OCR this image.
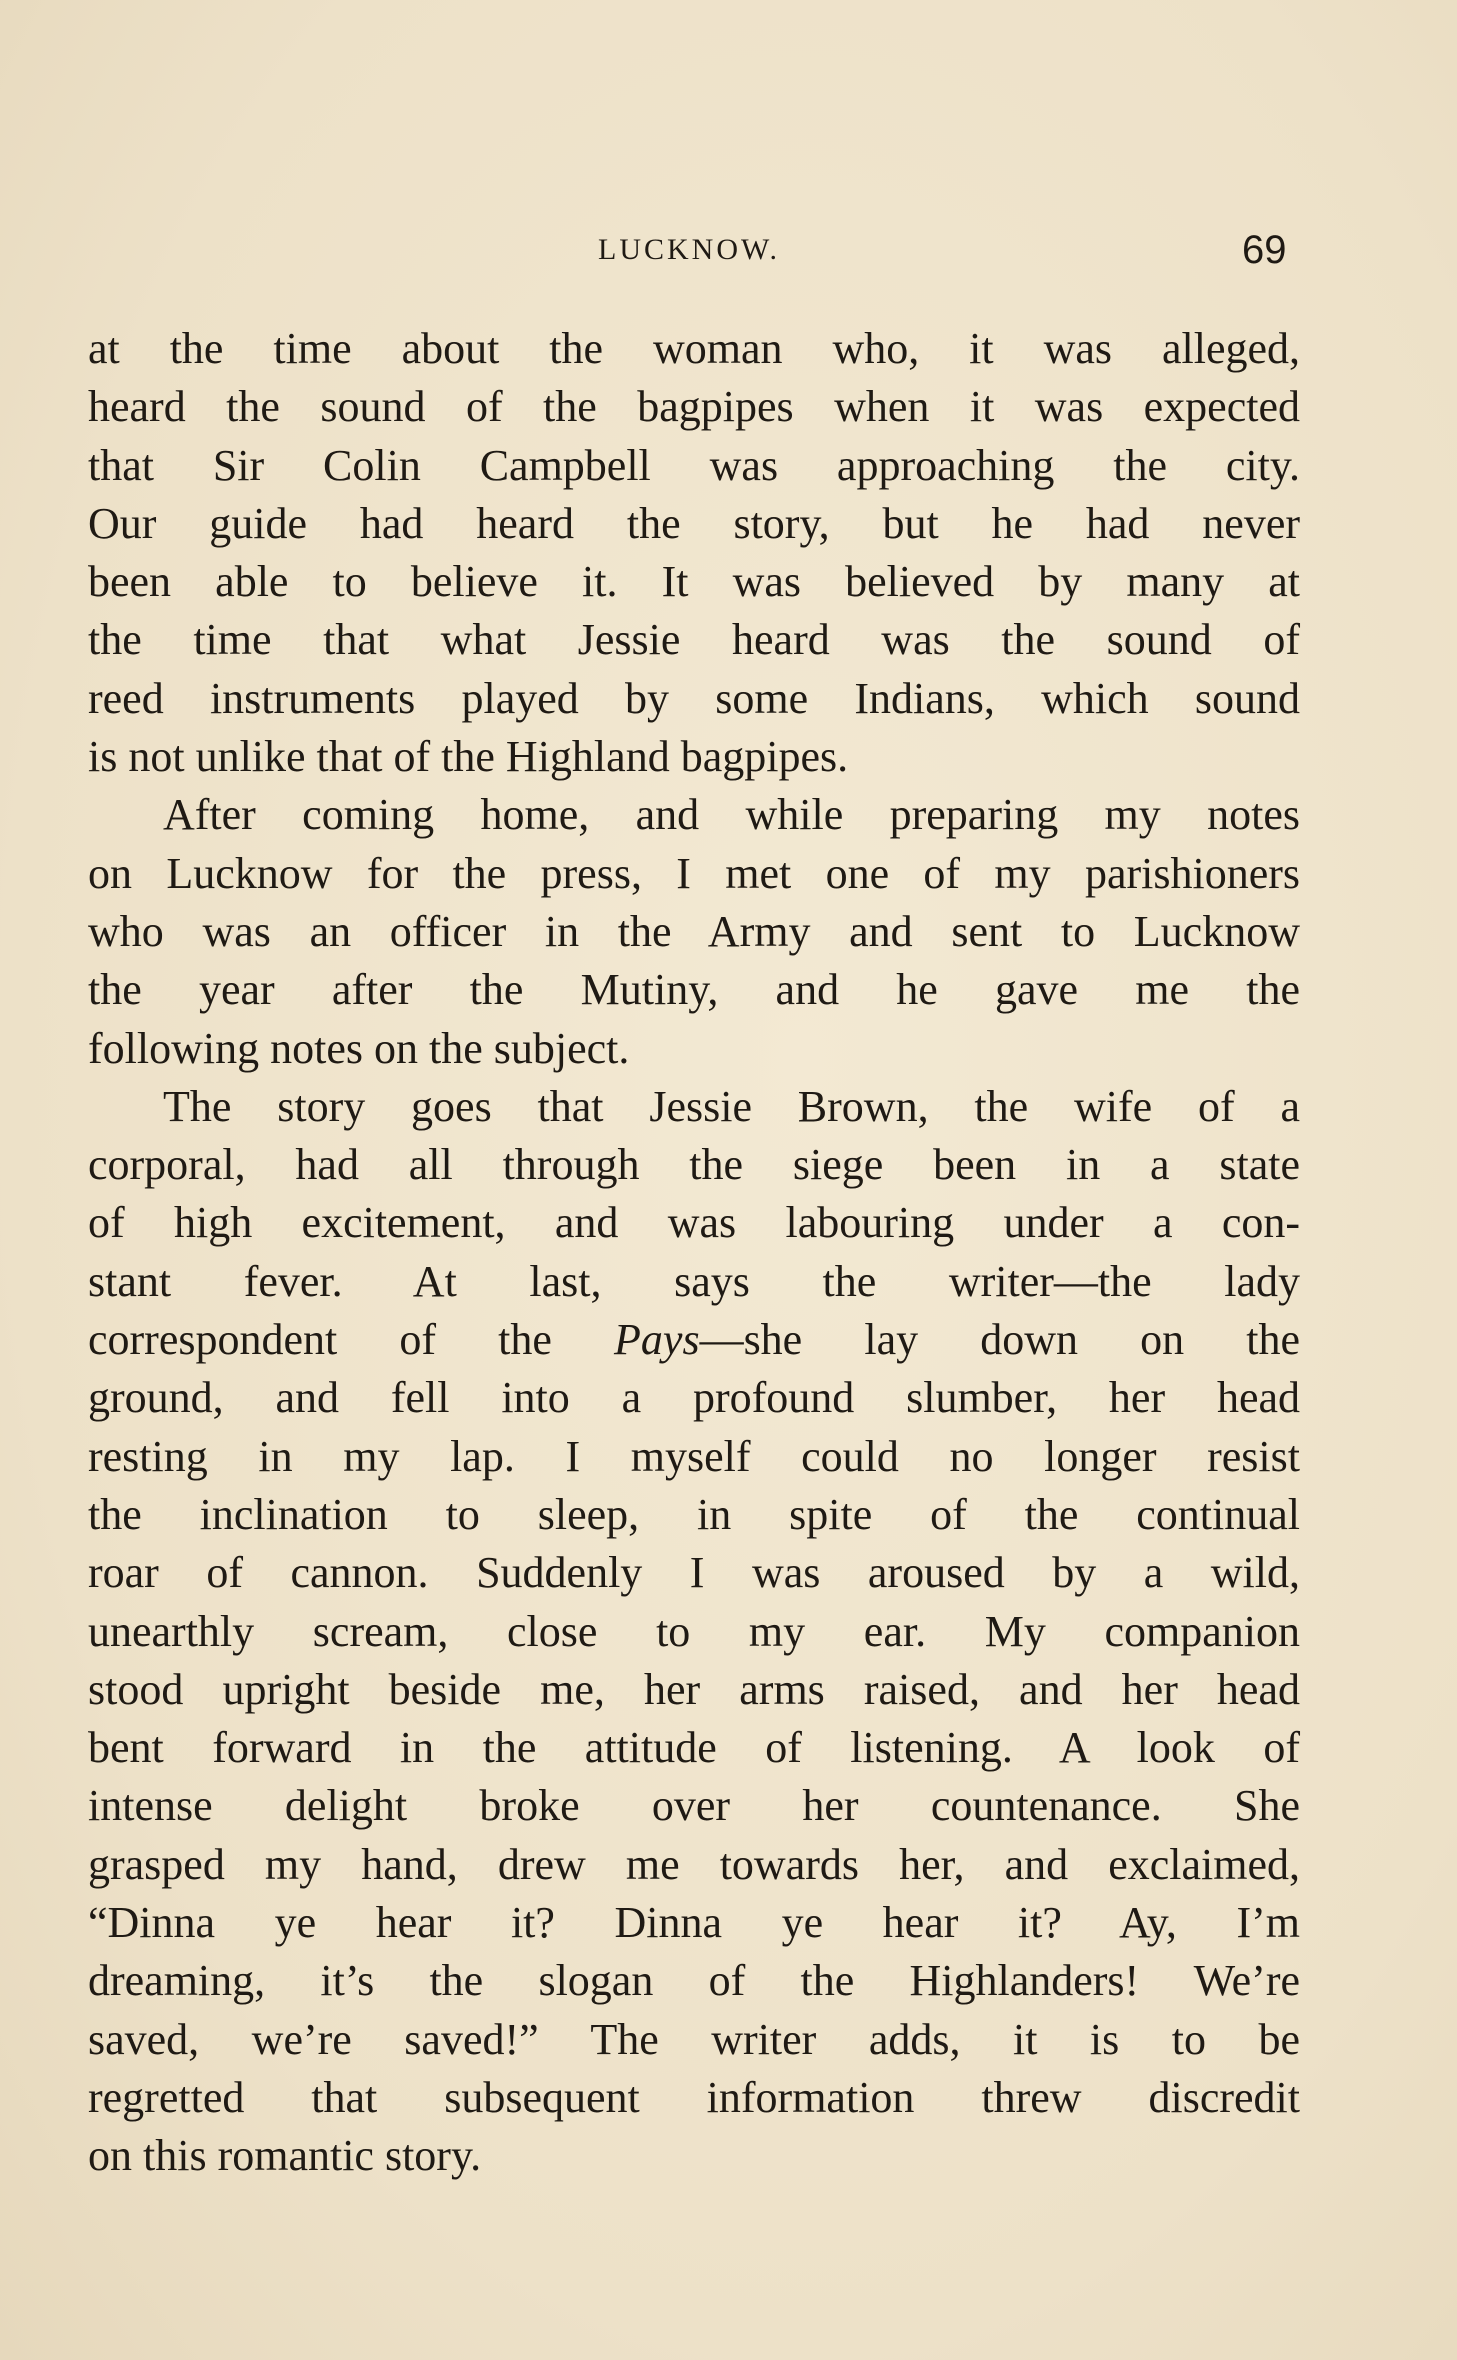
LUCKNOW.	69
at the time about the woman who, it was alleged,
heard the sound of the bagpipes when it was expected
that Sir Colin Campbell was approaching the city.
Our guide had heard the story, but he had never
been able to believe it. It was believed by many at
the time that what Jessie heard was the sound of
reed instruments played by some Indians, which sound
is not unlike that of the Highland bagpipes.
After coming home, and while preparing my notes
on Lucknow for the press, I met one of my parishioners
who was an officer in the Army and sent to Lucknow
the year after the Mutiny, and he gave me the
following notes on the subject.
The story goes that Jessie Brown, the wife of a
corporal, had all through the siege been in a state
of high excitement, and was labouring under a con-
stant fever. At last, says the writer—the lady
correspondent of the Pays—she lay down on the
ground, and fell into a profound slumber, her head
resting in my lap. I myself could no longer resist
the inclination to sleep, in spite of the continual
roar of cannon. Suddenly I was aroused by a wild,
unearthly scream, close to my ear. My companion
stood upright beside me, her arms raised, and her head
bent forward in the attitude of listening. A look of
intense delight broke over her countenance. She
grasped my hand, drew me towards her, and exclaimed,
“Dinna ye hear it? Dinna ye hear it? Ay, I’m
dreaming, it’s the slogan of the Highlanders! We’re
saved, we’re saved!” The writer adds, it is to be
regretted that subsequent information threw discredit
on this romantic story.
